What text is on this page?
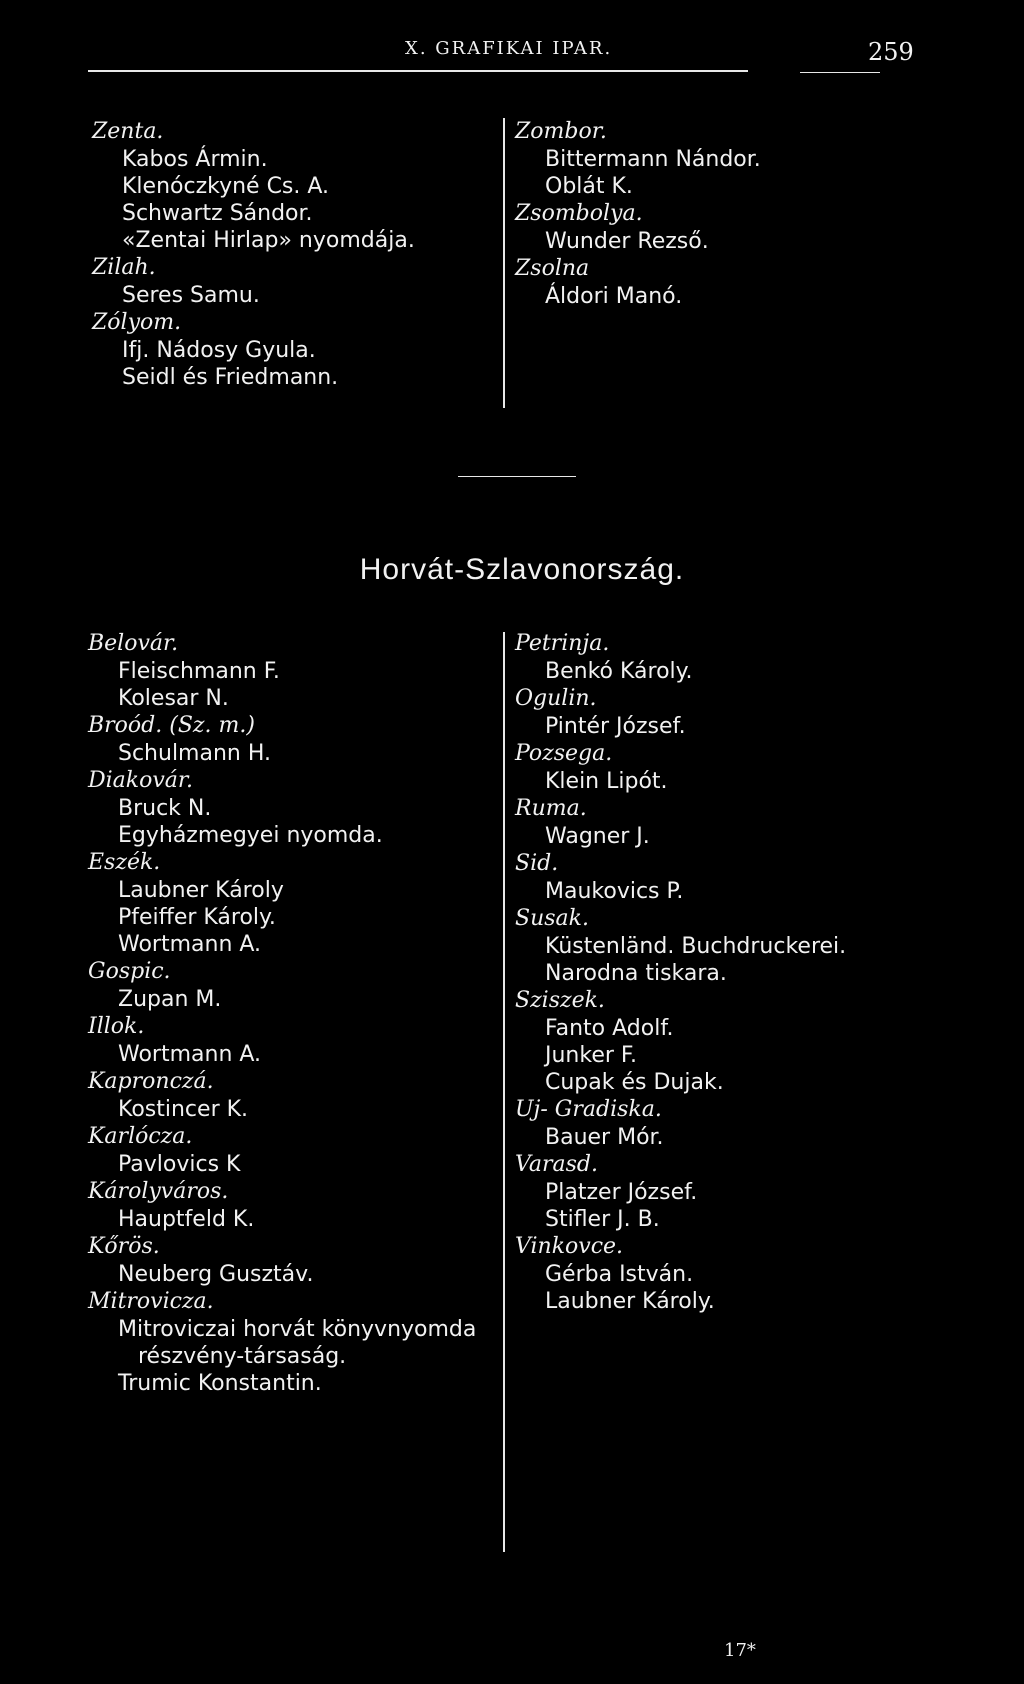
X. GRAFIKAI IPAR.	259
Zenta.
Kabos Ármin.
Klenóczkyné Cs. A.
Schwartz Sándor.
«Zentai Hirlap» nyomdája.
Zilah.
Seres Samu.
Zólyom.
Ifj. Nádosy Gyula.
Seidl és Friedmann.
Zombor.
Bittermann Nándor.
Oblát K.
Zsombolya.
Wunder Rezső.
Zsolna
Áldori Manó.
Horvát-Szlavonország.
Belovár.
Fleischmann F.
Kolesar N.
Broód. (Sz. m.)
Schulmann H.
Diakovár.
Bruck N.
Egyházmegyei nyomda.
Eszék.
Laubner Károly
Pfeiffer Károly.
Wortmann A.
Gospic.
Zupan M.
Illok.
Wortmann A.
Kapronczá.
Kostincer K.
Karlócza.
Pavlovics K
Károlyváros.
Hauptfeld K.
Kőrös.
Neuberg Gusztáv.
Mitrovicza.
Mitroviczai horvát könyvnyomda
részvény-társaság.
Trumic Konstantin.
Petrinja.
Benkó Károly.
Ogulin.
Pintér József.
Pozsega.
Klein Lipót.
Ruma.
Wagner J.
Sid.
Maukovics P.
Susak.
Küstenländ. Buchdruckerei.
Narodna tiskara.
Sziszek.
Fanto Adolf.
Junker F.
Cupak és Dujak.
Uj- Gradiska.
Bauer Mór.
Varasd.
Platzer József.
Stifler J. B.
Vinkovce.
Gérba István.
Laubner Károly.
17*
